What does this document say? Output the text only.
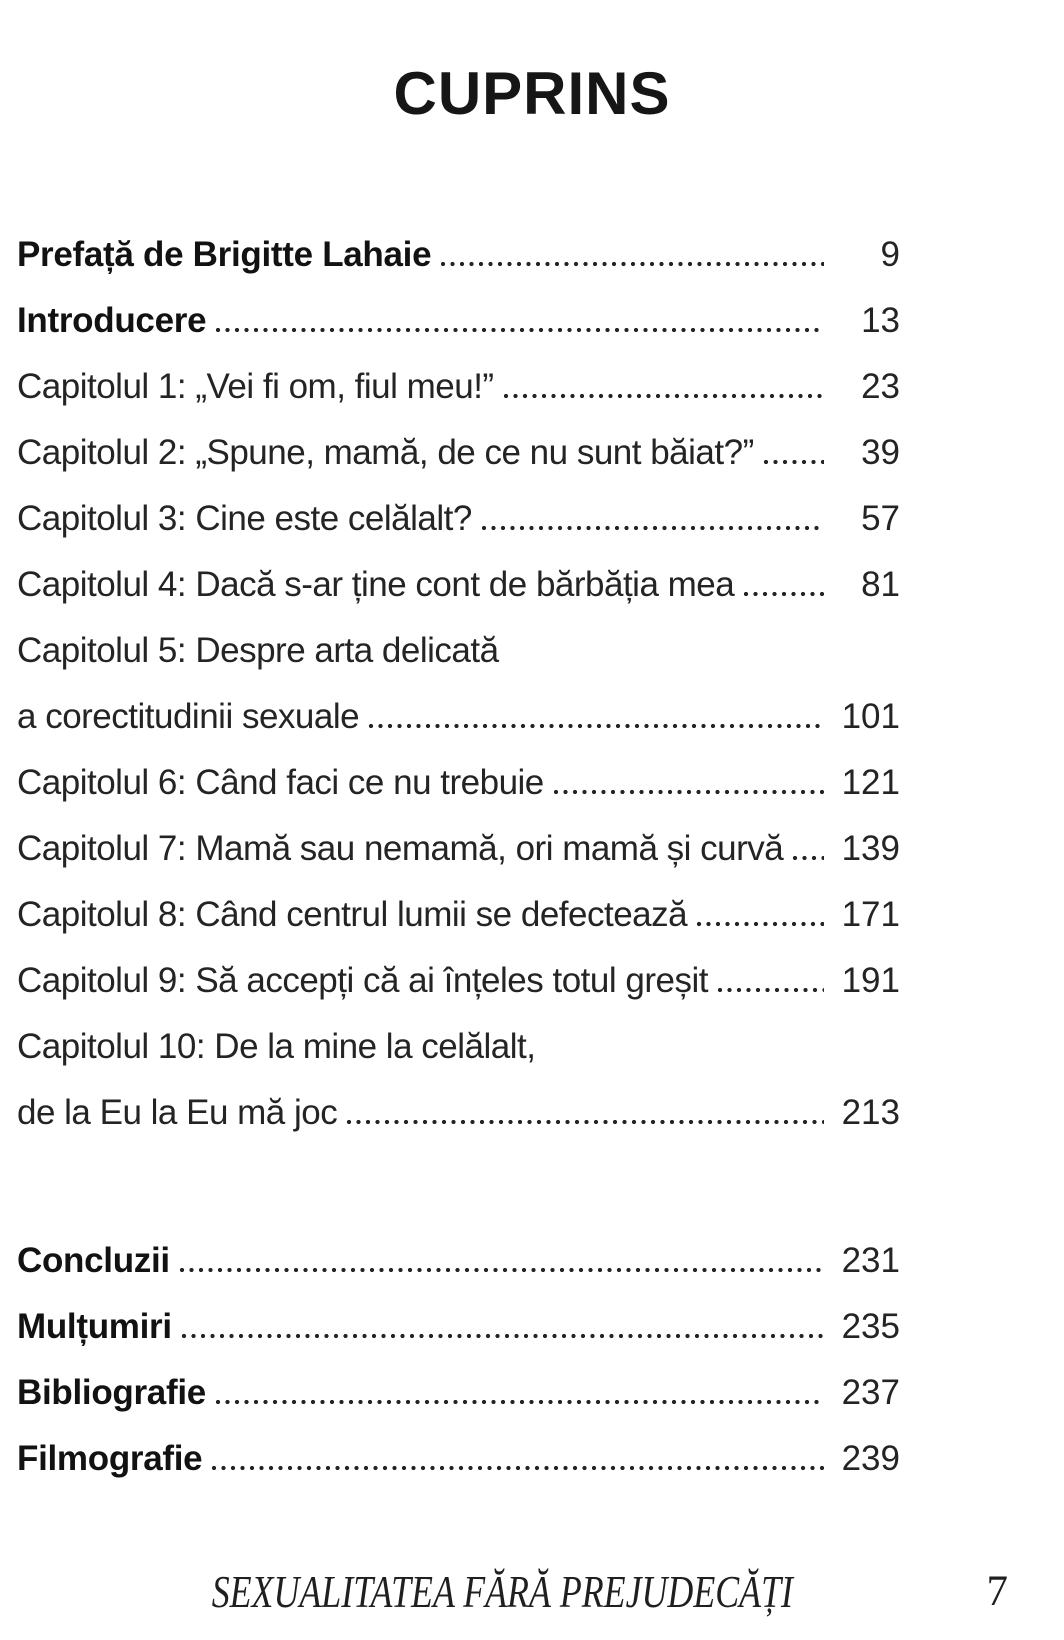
CUPRINS
Prefață de Brigitte Lahaie	9
Introducere	13
Capitolul 1: „Vei fi om, fiul meu!”	23
Capitolul 2: „Spune, mamă, de ce nu sunt băiat?”	39
Capitolul 3: Cine este celălalt?	57
Capitolul 4: Dacă s-ar ține cont de bărbăția mea	81
Capitolul 5: Despre arta delicată
a corectitudinii sexuale	101
Capitolul 6: Când faci ce nu trebuie	121
Capitolul 7: Mamă sau nemamă, ori mamă și curvă	139
Capitolul 8: Când centrul lumii se defectează	171
Capitolul 9: Să accepți că ai înțeles totul greșit	191
Capitolul 10: De la mine la celălalt,
de la Eu la Eu mă joc	213
Concluzii	231
Mulțumiri	235
Bibliografie	237
Filmografie	239
SEXUALITATEA FĂRĂ PREJUDECĂȚI	7
